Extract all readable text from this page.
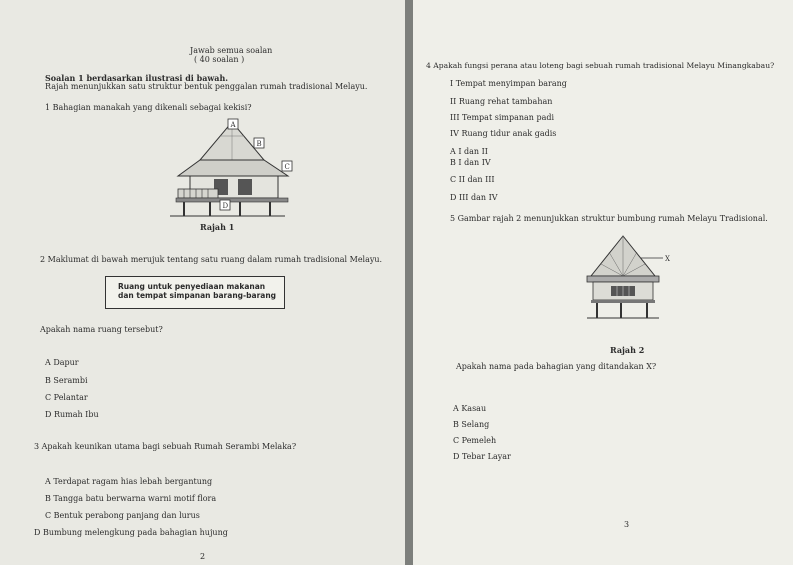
Jawab semua soalan
( 40 soalan )
Soalan 1 berdasarkan ilustrasi di bawah.
Rajah menunjukkan satu struktur bentuk penggalan rumah tradisional Melayu.
1 Bahagian manakah yang dikenali sebagai kekisi?
A
B
C
D
Rajah 1
2 Maklumat di bawah merujuk tentang satu ruang dalam rumah tradisional Melayu.
Ruang untuk penyediaan makanan
dan tempat simpanan barang-barang
Apakah nama ruang tersebut?
A Dapur
B Serambi
C Pelantar
D Rumah Ibu
3 Apakah keunikan utama bagi sebuah Rumah Serambi Melaka?
A Terdapat ragam hias lebah bergantung
B Tangga batu berwarna warni motif flora
C Bentuk perabong panjang dan lurus
D Bumbung melengkung pada bahagian hujung
2
4 Apakah fungsi perana atau loteng bagi sebuah rumah tradisional Melayu Minangkabau?
I Tempat menyimpan barang
II Ruang rehat tambahan
III Tempat simpanan padi
IV Ruang tidur anak gadis
A I dan II
B I dan IV
C II dan III
D III dan IV
5 Gambar rajah 2 menunjukkan struktur bumbung rumah Melayu Tradisional.
X
Rajah 2
Apakah nama pada bahagian yang ditandakan X?
A Kasau
B Selang
C Pemeleh
D Tebar Layar
3
